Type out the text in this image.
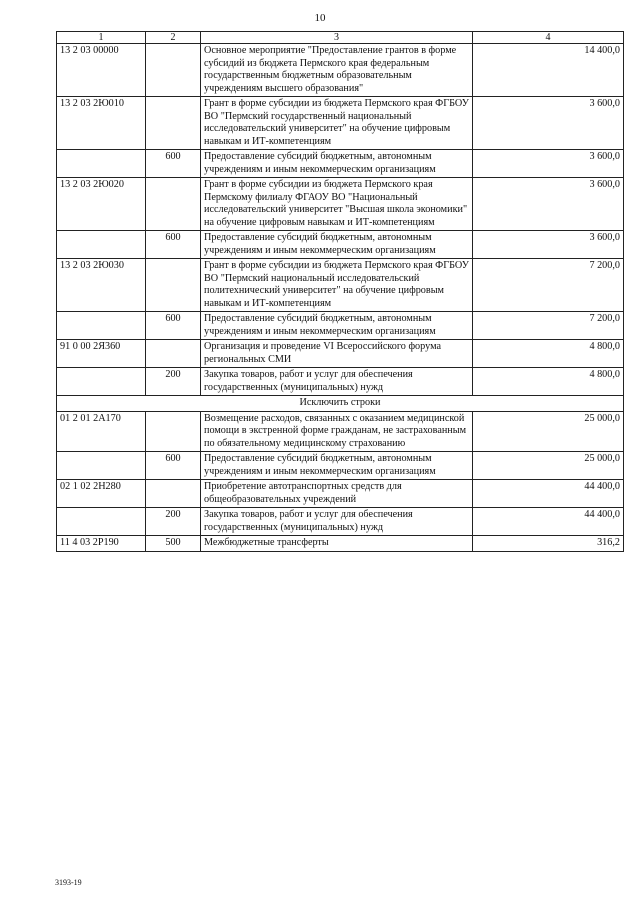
10
1	2	3	4
13 2 03 00000		Основное мероприятие "Предоставление грантов в форме субсидий из бюджета Пермского края федеральным государственным бюджетным образовательным учреждениям высшего образования"	14 400,0
13 2 03 2Ю010		Грант в форме субсидии из бюджета Пермского края ФГБОУ ВО "Пермский государственный национальный исследовательский университет" на обучение цифровым навыкам и ИТ-компетенциям	3 600,0
	600	Предоставление субсидий бюджетным, автономным учреждениям и иным некоммерческим организациям	3 600,0
13 2 03 2Ю020		Грант в форме субсидии из бюджета Пермского края Пермскому филиалу ФГАОУ ВО "Национальный исследовательский университет "Высшая школа экономики" на обучение цифровым навыкам и ИТ-компетенциям	3 600,0
	600	Предоставление субсидий бюджетным, автономным учреждениям и иным некоммерческим организациям	3 600,0
13 2 03 2Ю030		Грант в форме субсидии из бюджета Пермского края ФГБОУ ВО "Пермский национальный исследовательский политехнический университет" на обучение цифровым навыкам и ИТ-компетенциям	7 200,0
	600	Предоставление субсидий бюджетным, автономным учреждениям и иным некоммерческим организациям	7 200,0
91 0 00 2Я360		Организация и проведение VI Всероссийского форума региональных СМИ	4 800,0
	200	Закупка товаров, работ и услуг для обеспечения государственных (муниципальных) нужд	4 800,0
Исключить строки			
01 2 01 2А170		Возмещение расходов, связанных с оказанием медицинской помощи в экстренной форме гражданам, не застрахованным по обязательному медицинскому страхованию	25 000,0
	600	Предоставление субсидий бюджетным, автономным учреждениям и иным некоммерческим организациям	25 000,0
02 1 02 2Н280		Приобретение автотранспортных средств для общеобразовательных учреждений	44 400,0
	200	Закупка товаров, работ и услуг для обеспечения государственных (муниципальных) нужд	44 400,0
11 4 03 2Р190	500	Межбюджетные трансферты	316,2
3193-19
